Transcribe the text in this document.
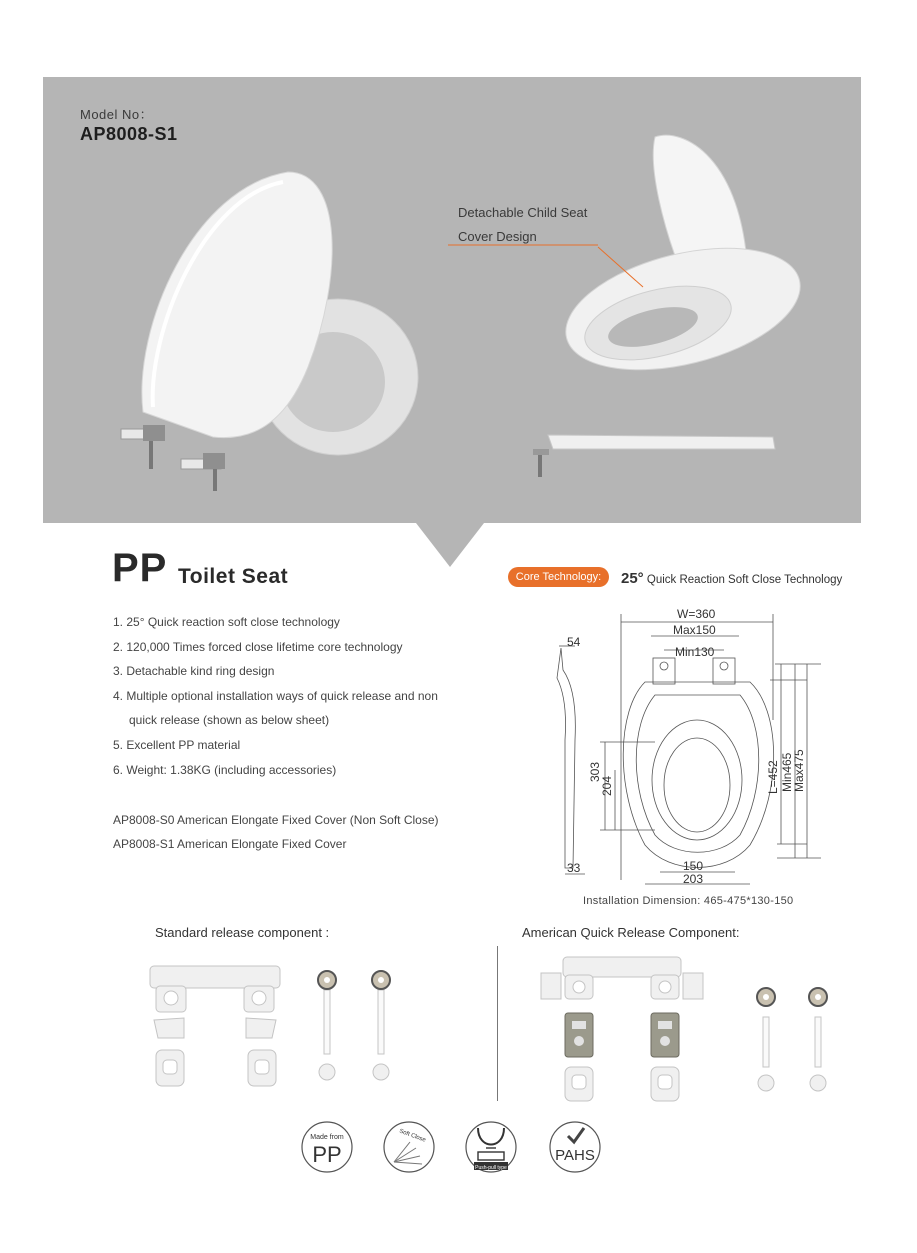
Model No：
AP8008-S1
Detachable Child Seat
Cover Design
PP Toilet Seat	Core Technology:	25° Quick Reaction Soft Close Technology
1. 25° Quick reaction soft close technology
2. 120,000 Times forced close lifetime core technology
3. Detachable kind ring design
4. Multiple optional installation ways of quick release and non
quick release (shown as below sheet)
5. Excellent PP material
6. Weight: 1.38KG (including accessories)
AP8008-S0 American Elongate Fixed Cover (Non Soft Close)
AP8008-S1 American Elongate Fixed Cover
W=360
Max150
Min130
54
33	150
203
303
204	L=452 Min465
Max475
Installation Dimension: 465-475*130-150
Standard release component :	American Quick Release Component:
Made from
PP
Soft Close
Push-pull type
PAHS
